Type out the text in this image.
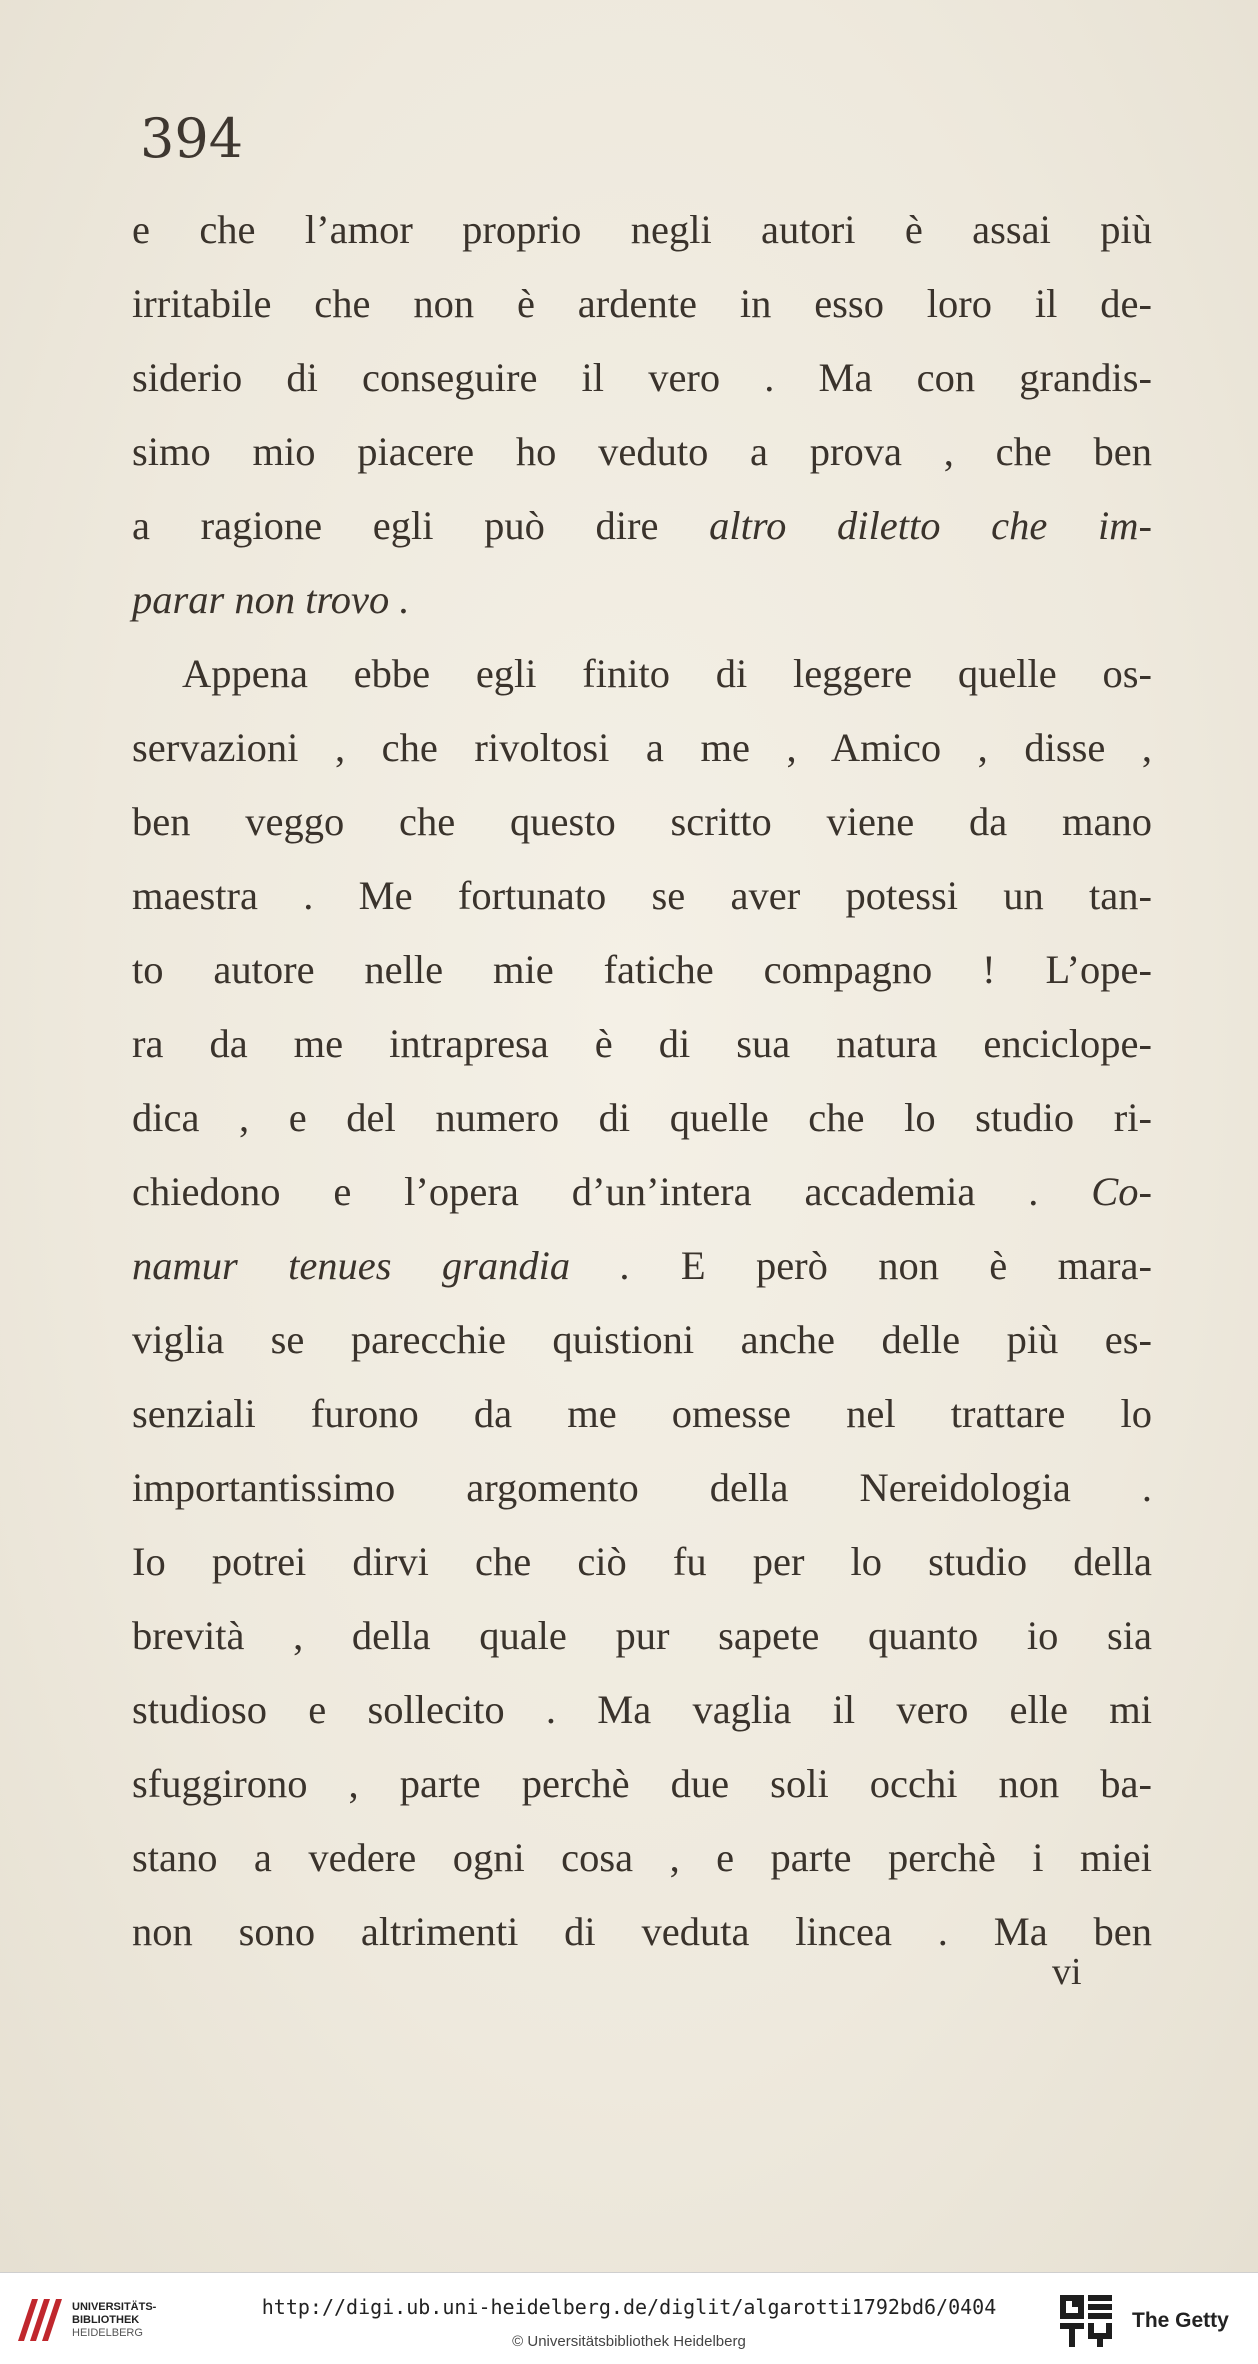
394

e che l’amor proprio negli autori è assai più
irritabile che non è ardente in esso loro il de-
siderio di conseguire il vero . Ma con grandis-
simo mio piacere ho veduto a prova , che ben
a ragione egli può dire altro diletto che im-
parar non trovo .
Appena ebbe egli finito di leggere quelle os-
servazioni , che rivoltosi a me , Amico , disse ,
ben veggo che questo scritto viene da mano
maestra . Me fortunato se aver potessi un tan-
to autore nelle mie fatiche compagno ! L’ope-
ra da me intrapresa è di sua natura enciclope-
dica , e del numero di quelle che lo studio ri-
chiedono e l’opera d’un’intera accademia . Co-
namur tenues grandia . E però non è mara-
viglia se parecchie quistioni anche delle più es-
senziali furono da me omesse nel trattare lo
importantissimo argomento della Nereidologia .
Io potrei dirvi che ciò fu per lo studio della
brevità , della quale pur sapete quanto io sia
studioso e sollecito . Ma vaglia il vero elle mi
sfuggirono , parte perchè due soli occhi non ba-
stano a vedere ogni cosa , e parte perchè i miei
non sono altrimenti di veduta lincea . Ma ben

vi

UNIVERSITÄTS-
BIBLIOTHEK
HEIDELBERG

http://digi.ub.uni-heidelberg.de/diglit/algarotti1792bd6/0404

© Universitätsbibliothek Heidelberg

The Getty
